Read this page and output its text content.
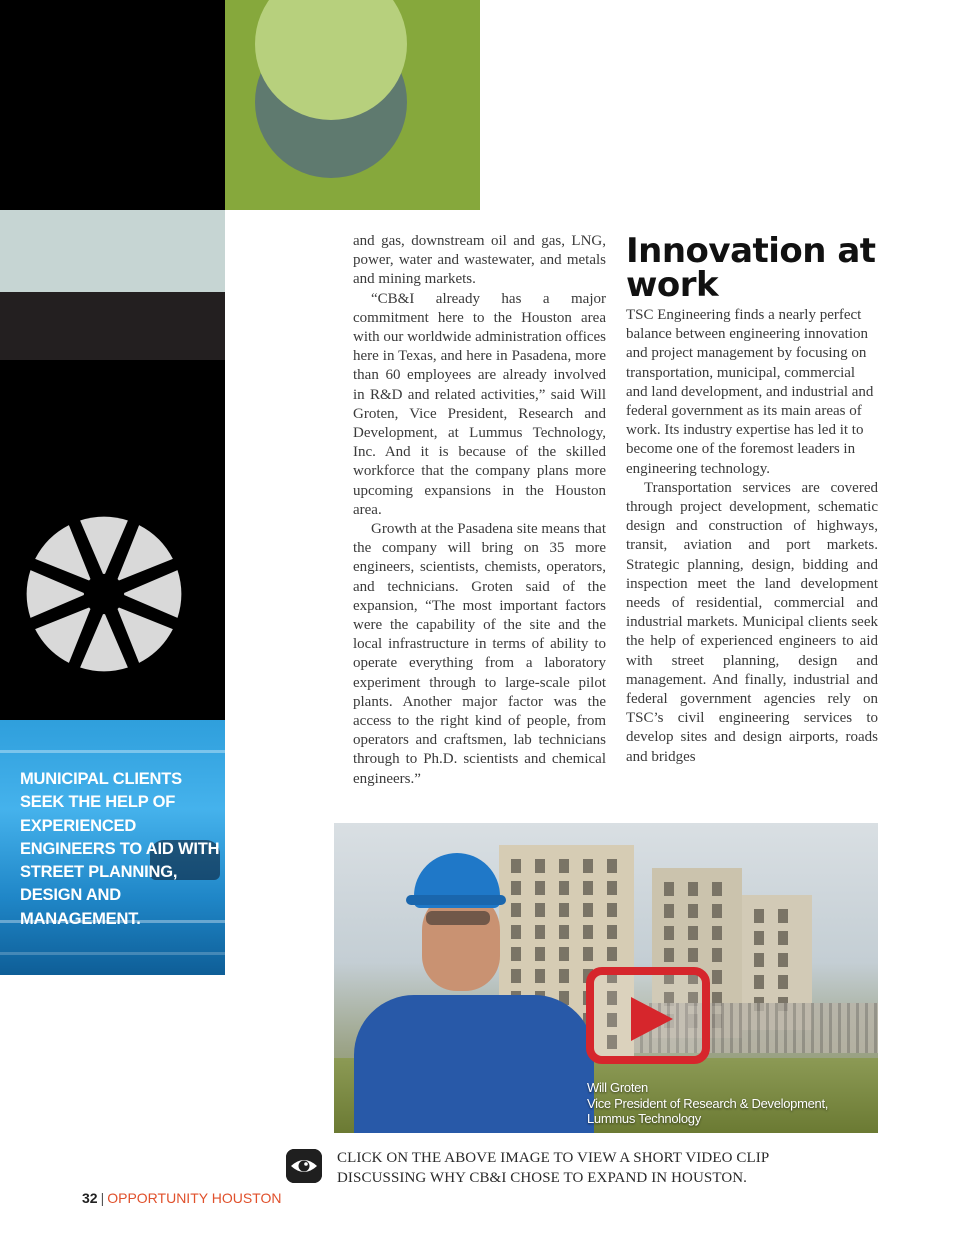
MUNICIPAL CLIENTS SEEK THE HELP OF EXPERIENCED ENGINEERS TO AID WITH STREET PLANNING, DESIGN AND MANAGEMENT.

and gas, downstream oil and gas, LNG, power, water and wastewater, and metals and mining markets.

“CB&I already has a major commitment here to the Houston area with our worldwide administration offices here in Texas, and here in Pasadena, more than 60 employees are already involved in R&D and related activities,” said Will Groten, Vice President, Research and Development, at Lummus Technology, Inc. And it is because of the skilled workforce that the company plans more upcoming expansions in the Houston area.

Growth at the Pasadena site means that the company will bring on 35 more engineers, scientists, chemists, operators, and technicians. Groten said of the expansion, “The most important factors were the capability of the site and the local infrastructure in terms of ability to operate everything from a laboratory experiment through to large-scale pilot plants. Another major factor was the access to the right kind of people, from operators and craftsmen, lab technicians through to Ph.D. scientists and chemical engineers.”

Innovation at work

TSC Engineering finds a nearly perfect balance between engineering innovation and project management by focusing on transportation, municipal, commercial and land development, and industrial and federal government as its main areas of work. Its industry expertise has led it to become one of the foremost leaders in engineering technology.

Transportation services are covered through project development, schematic design and construction of highways, transit, aviation and port markets. Strategic planning, design, bidding and inspection meet the land development needs of residential, commercial and industrial markets. Municipal clients seek the help of experienced engineers to aid with street planning, design and management. And finally, industrial and federal government agencies rely on TSC’s civil engineering services to develop sites and design airports, roads and bridges

Will Groten
Vice President of Research & Development,
Lummus Technology
CLICK ON THE ABOVE IMAGE TO VIEW A SHORT VIDEO CLIP DISCUSSING WHY CB&I CHOSE TO EXPAND IN HOUSTON.
32 | OPPORTUNITY HOUSTON
